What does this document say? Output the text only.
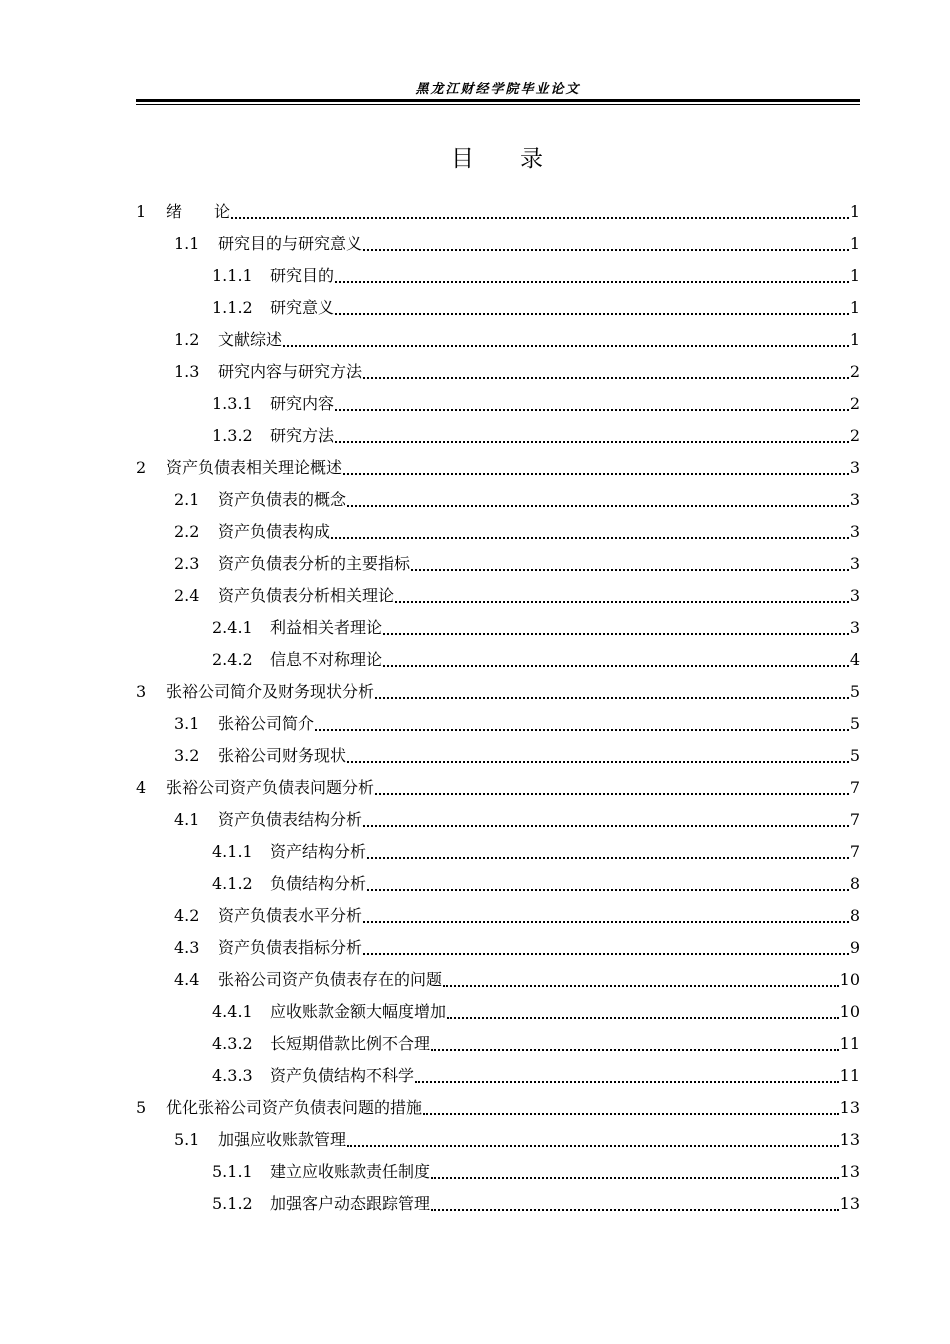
黑龙江财经学院毕业论文
目 录
1	绪　　论	1
1.1	研究目的与研究意义	1
1.1.1	研究目的	1
1.1.2	研究意义	1
1.2	文献综述	1
1.3	研究内容与研究方法	2
1.3.1	研究内容	2
1.3.2	研究方法	2
2	资产负债表相关理论概述	3
2.1	资产负债表的概念	3
2.2	资产负债表构成	3
2.3	资产负债表分析的主要指标	3
2.4	资产负债表分析相关理论	3
2.4.1	利益相关者理论	3
2.4.2	信息不对称理论	4
3	张裕公司简介及财务现状分析	5
3.1	张裕公司简介	5
3.2	张裕公司财务现状	5
4	张裕公司资产负债表问题分析	7
4.1	资产负债表结构分析	7
4.1.1	资产结构分析	7
4.1.2	负债结构分析	8
4.2	资产负债表水平分析	8
4.3	资产负债表指标分析	9
4.4	张裕公司资产负债表存在的问题	10
4.4.1	应收账款金额大幅度增加	10
4.3.2	长短期借款比例不合理	11
4.3.3	资产负债结构不科学	11
5	优化张裕公司资产负债表问题的措施	13
5.1	加强应收账款管理	13
5.1.1	建立应收账款责任制度	13
5.1.2	加强客户动态跟踪管理	13
